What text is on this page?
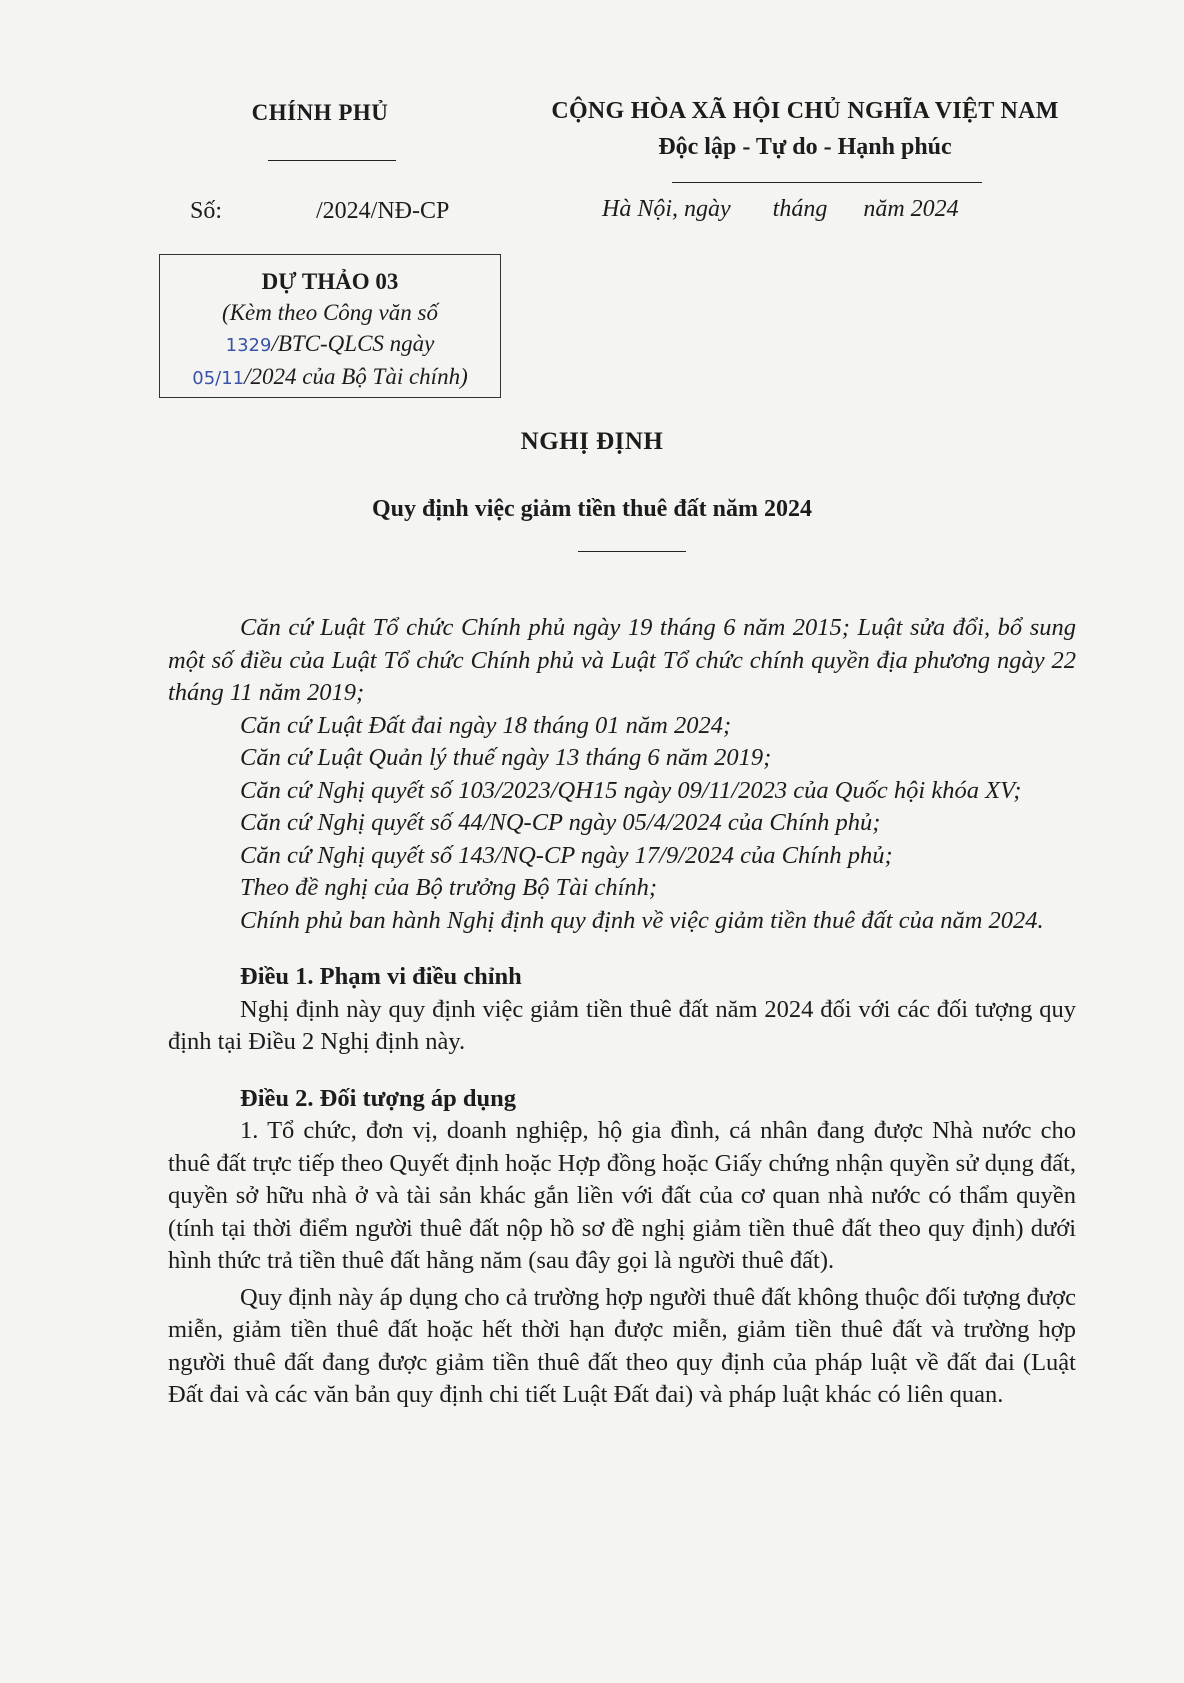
CHÍNH PHỦ	CỘNG HÒA XÃ HỘI CHỦ NGHĨA VIỆT NAM
Độc lập - Tự do - Hạnh phúc
Số:	/2024/NĐ-CP	Hà Nội, ngày       tháng      năm 2024
DỰ THẢO 03
(Kèm theo Công văn số
1329/BTC-QLCS ngày
05/11/2024 của Bộ Tài chính)
NGHỊ ĐỊNH
Quy định việc giảm tiền thuê đất năm 2024

Căn cứ Luật Tổ chức Chính phủ ngày 19 tháng 6 năm 2015; Luật sửa đổi, bổ sung một số điều của Luật Tổ chức Chính phủ và Luật Tổ chức chính quyền địa phương ngày 22 tháng 11 năm 2019;

Căn cứ Luật Đất đai ngày 18 tháng 01 năm 2024;

Căn cứ Luật Quản lý thuế ngày 13 tháng 6 năm 2019;

Căn cứ Nghị quyết số 103/2023/QH15 ngày 09/11/2023 của Quốc hội khóa XV;

Căn cứ Nghị quyết số 44/NQ-CP ngày 05/4/2024 của Chính phủ;

Căn cứ Nghị quyết số 143/NQ-CP ngày 17/9/2024 của Chính phủ;

Theo đề nghị của Bộ trưởng Bộ Tài chính;

Chính phủ ban hành Nghị định quy định về việc giảm tiền thuê đất của năm 2024.

Điều 1. Phạm vi điều chỉnh

Nghị định này quy định việc giảm tiền thuê đất năm 2024 đối với các đối tượng quy định tại Điều 2 Nghị định này.

Điều 2. Đối tượng áp dụng

1. Tổ chức, đơn vị, doanh nghiệp, hộ gia đình, cá nhân đang được Nhà nước cho thuê đất trực tiếp theo Quyết định hoặc Hợp đồng hoặc Giấy chứng nhận quyền sử dụng đất, quyền sở hữu nhà ở và tài sản khác gắn liền với đất của cơ quan nhà nước có thẩm quyền (tính tại thời điểm người thuê đất nộp hồ sơ đề nghị giảm tiền thuê đất theo quy định) dưới hình thức trả tiền thuê đất hằng năm (sau đây gọi là người thuê đất).

Quy định này áp dụng cho cả trường hợp người thuê đất không thuộc đối tượng được miễn, giảm tiền thuê đất hoặc hết thời hạn được miễn, giảm tiền thuê đất và trường hợp người thuê đất đang được giảm tiền thuê đất theo quy định của pháp luật về đất đai (Luật Đất đai và các văn bản quy định chi tiết Luật Đất đai) và pháp luật khác có liên quan.
